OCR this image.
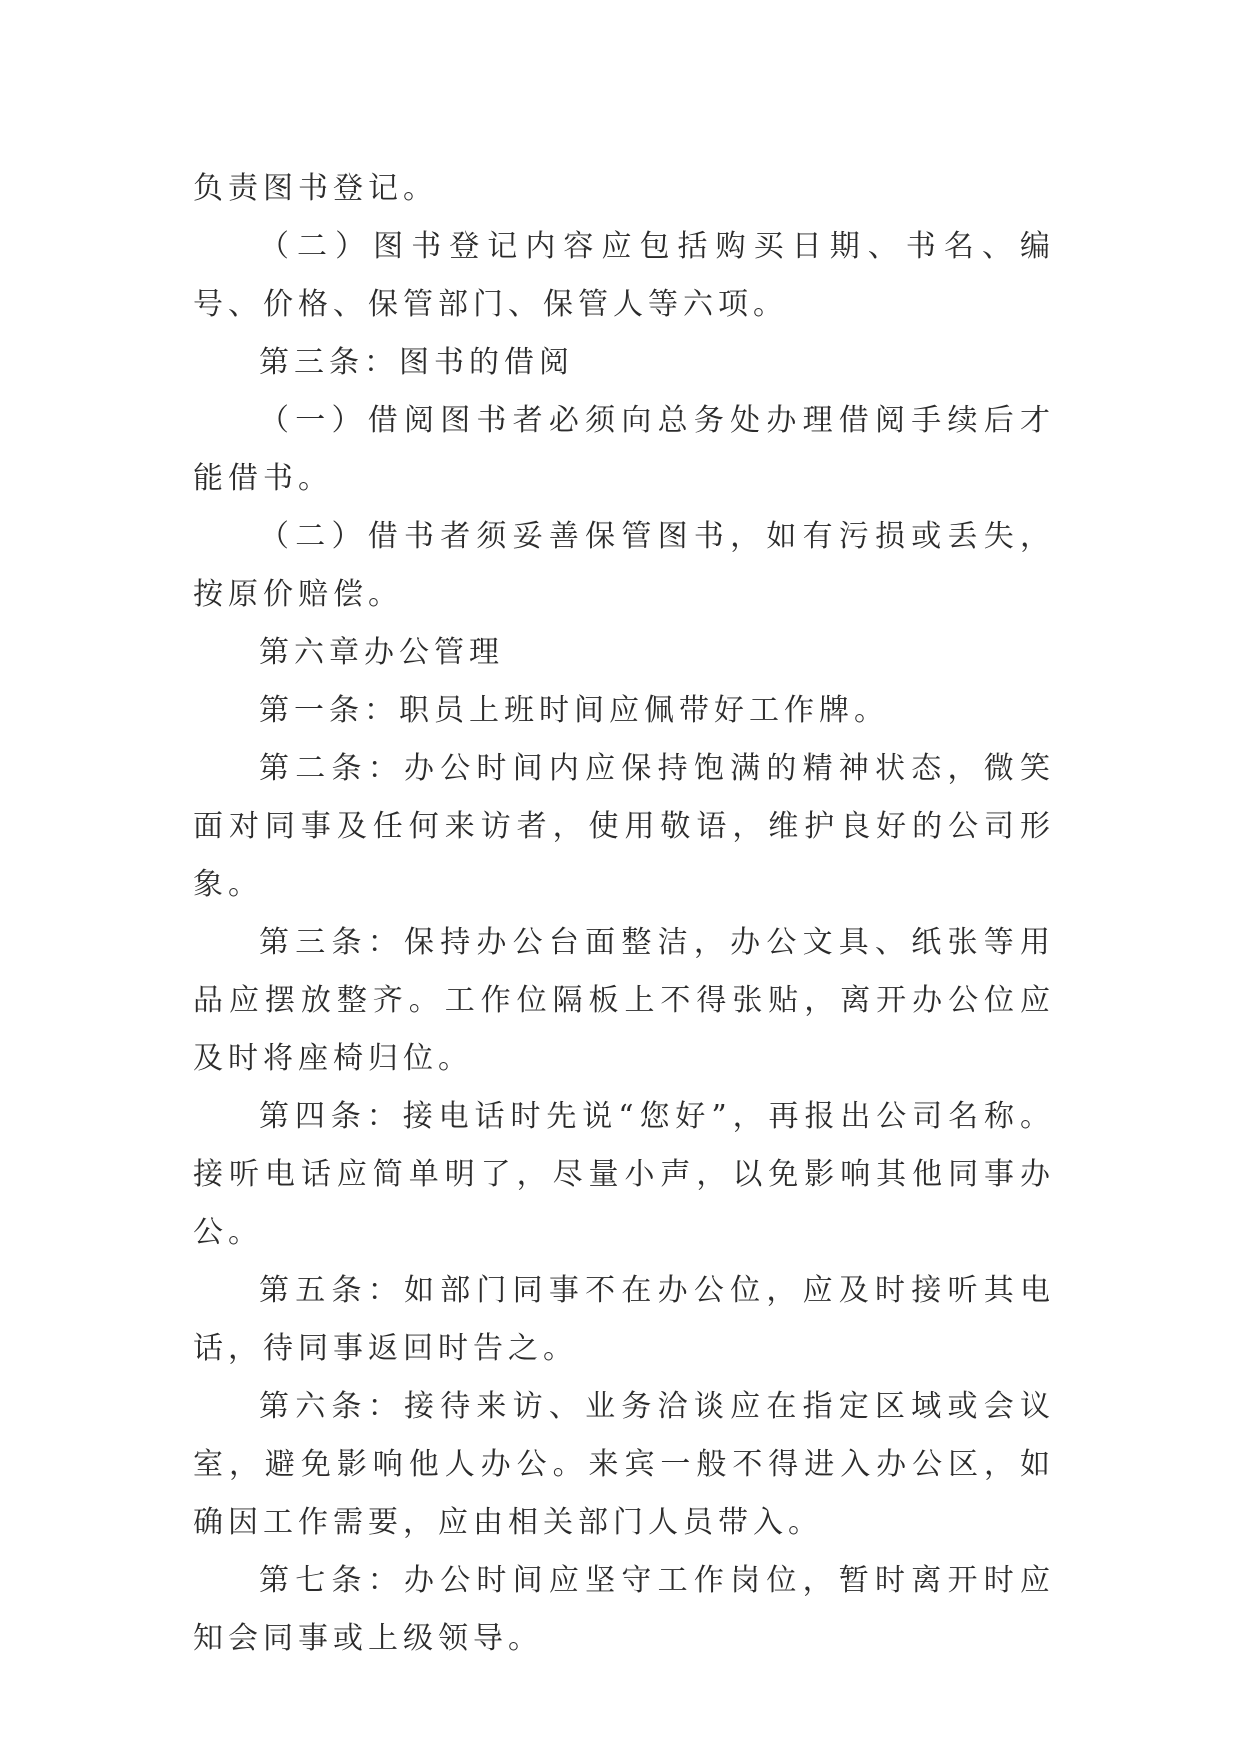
负责图书登记。

（二）图书登记内容应包括购买日期、书名、编号、价格、保管部门、保管人等六项。

第三条：图书的借阅

（一）借阅图书者必须向总务处办理借阅手续后才能借书。

（二）借书者须妥善保管图书，如有污损或丢失，按原价赔偿。

第六章办公管理

第一条：职员上班时间应佩带好工作牌。

第二条：办公时间内应保持饱满的精神状态，微笑面对同事及任何来访者，使用敬语，维护良好的公司形象。

第三条：保持办公台面整洁，办公文具、纸张等用品应摆放整齐。工作位隔板上不得张贴，离开办公位应及时将座椅归位。

第四条：接电话时先说“您好”，再报出公司名称。接听电话应简单明了，尽量小声，以免影响其他同事办公。

第五条：如部门同事不在办公位，应及时接听其电话，待同事返回时告之。

第六条：接待来访、业务洽谈应在指定区域或会议室，避免影响他人办公。来宾一般不得进入办公区，如确因工作需要，应由相关部门人员带入。

第七条：办公时间应坚守工作岗位，暂时离开时应知会同事或上级领导。
